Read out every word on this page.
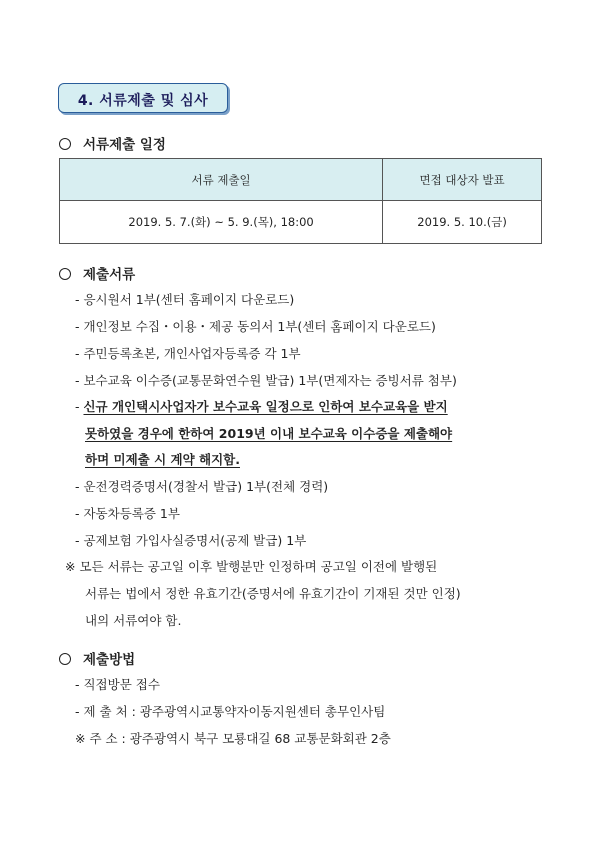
4. 서류제출 및 심사
서류제출 일정
서류 제출일	면접 대상자 발표
2019. 5. 7.(화) ~ 5. 9.(목), 18:00	2019. 5. 10.(금)
제출서류
- 응시원서 1부(센터 홈페이지 다운로드)
- 개인정보 수집・이용・제공 동의서 1부(센터 홈페이지 다운로드)
- 주민등록초본, 개인사업자등록증 각 1부
- 보수교육 이수증(교통문화연수원 발급) 1부(면제자는 증빙서류 첨부)
- 신규 개인택시사업자가 보수교육 일정으로 인하여 보수교육을 받지
못하였을 경우에 한하여 2019년 이내 보수교육 이수증을 제출해야
하며 미제출 시 계약 해지함.
- 운전경력증명서(경찰서 발급) 1부(전체 경력)
- 자동차등록증 1부
- 공제보험 가입사실증명서(공제 발급) 1부
※ 모든 서류는 공고일 이후 발행분만 인정하며 공고일 이전에 발행된
서류는 법에서 정한 유효기간(증명서에 유효기간이 기재된 것만 인정)
내의 서류여야 함.
제출방법
- 직접방문 접수
- 제 출 처 : 광주광역시교통약자이동지원센터 총무인사팀
※ 주 소 : 광주광역시 북구 모룡대길 68 교통문화회관 2층
